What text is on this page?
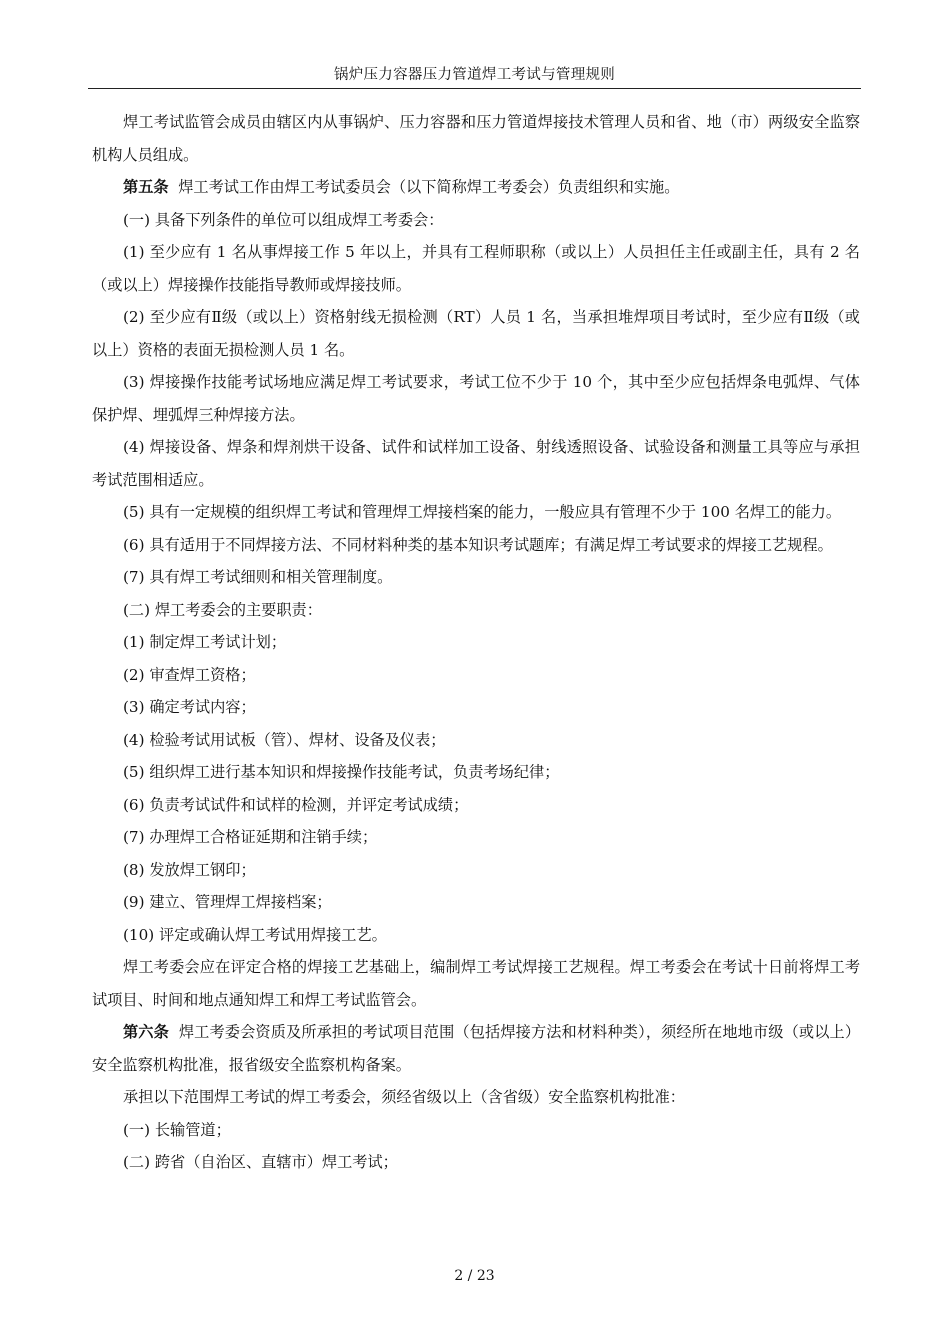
锅炉压力容器压力管道焊工考试与管理规则

焊工考试监管会成员由辖区内从事锅炉、压力容器和压力管道焊接技术管理人员和省、地（市）两级安全监察机构人员组成。

第五条 焊工考试工作由焊工考试委员会（以下简称焊工考委会）负责组织和实施。

(一) 具备下列条件的单位可以组成焊工考委会：

(1) 至少应有 1 名从事焊接工作 5 年以上，并具有工程师职称（或以上）人员担任主任或副主任，具有 2 名（或以上）焊接操作技能指导教师或焊接技师。

(2) 至少应有Ⅱ级（或以上）资格射线无损检测（RT）人员 1 名，当承担堆焊项目考试时，至少应有Ⅱ级（或以上）资格的表面无损检测人员 1 名。

(3) 焊接操作技能考试场地应满足焊工考试要求，考试工位不少于 10 个，其中至少应包括焊条电弧焊、气体保护焊、埋弧焊三种焊接方法。

(4) 焊接设备、焊条和焊剂烘干设备、试件和试样加工设备、射线透照设备、试验设备和测量工具等应与承担考试范围相适应。

(5) 具有一定规模的组织焊工考试和管理焊工焊接档案的能力，一般应具有管理不少于 100 名焊工的能力。

(6) 具有适用于不同焊接方法、不同材料种类的基本知识考试题库；有满足焊工考试要求的焊接工艺规程。

(7) 具有焊工考试细则和相关管理制度。

(二) 焊工考委会的主要职责：

(1) 制定焊工考试计划；

(2) 审查焊工资格；

(3) 确定考试内容；

(4) 检验考试用试板（管）、焊材、设备及仪表；

(5) 组织焊工进行基本知识和焊接操作技能考试，负责考场纪律；

(6) 负责考试试件和试样的检测，并评定考试成绩；

(7) 办理焊工合格证延期和注销手续；

(8) 发放焊工钢印；

(9) 建立、管理焊工焊接档案；

(10) 评定或确认焊工考试用焊接工艺。

焊工考委会应在评定合格的焊接工艺基础上，编制焊工考试焊接工艺规程。焊工考委会在考试十日前将焊工考试项目、时间和地点通知焊工和焊工考试监管会。

第六条 焊工考委会资质及所承担的考试项目范围（包括焊接方法和材料种类），须经所在地地市级（或以上）安全监察机构批准，报省级安全监察机构备案。

承担以下范围焊工考试的焊工考委会，须经省级以上（含省级）安全监察机构批准：

(一) 长输管道；

(二) 跨省（自治区、直辖市）焊工考试；

2 / 23
